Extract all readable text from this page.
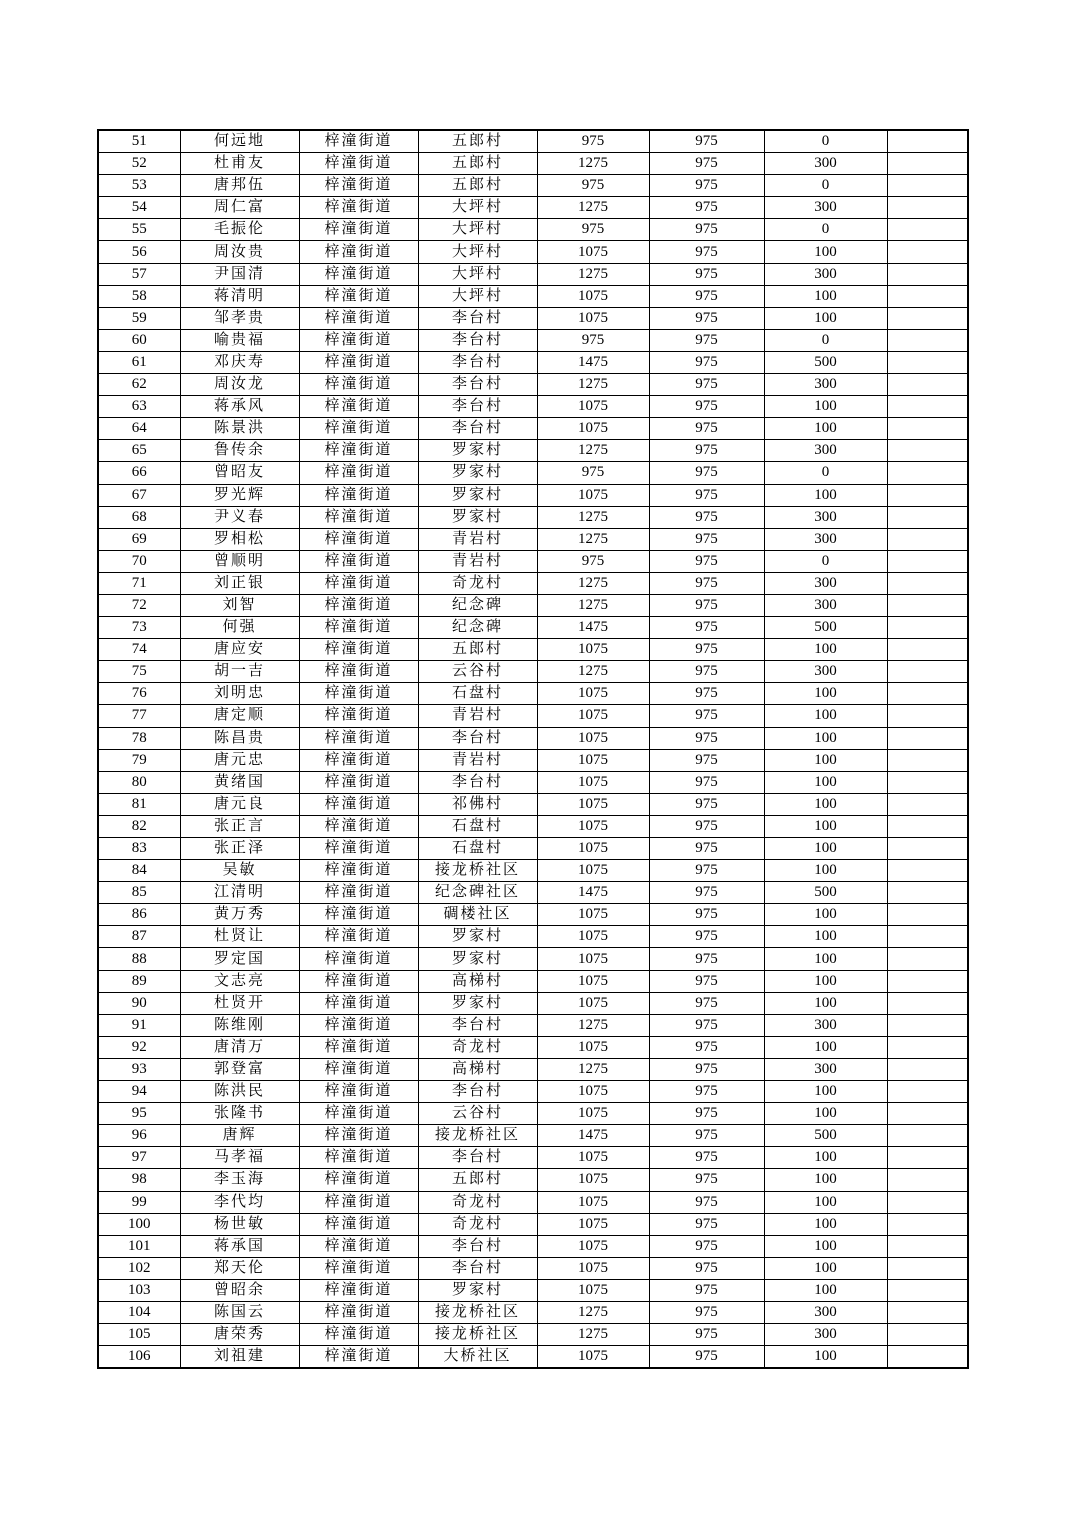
51	何远地	梓潼街道	五郎村	975	975	0	
52	杜甫友	梓潼街道	五郎村	1275	975	300	
53	唐邦伍	梓潼街道	五郎村	975	975	0	
54	周仁富	梓潼街道	大坪村	1275	975	300	
55	毛振伦	梓潼街道	大坪村	975	975	0	
56	周汝贵	梓潼街道	大坪村	1075	975	100	
57	尹国清	梓潼街道	大坪村	1275	975	300	
58	蒋清明	梓潼街道	大坪村	1075	975	100	
59	邹孝贵	梓潼街道	李台村	1075	975	100	
60	喻贵福	梓潼街道	李台村	975	975	0	
61	邓庆寿	梓潼街道	李台村	1475	975	500	
62	周汝龙	梓潼街道	李台村	1275	975	300	
63	蒋承风	梓潼街道	李台村	1075	975	100	
64	陈景洪	梓潼街道	李台村	1075	975	100	
65	鲁传余	梓潼街道	罗家村	1275	975	300	
66	曾昭友	梓潼街道	罗家村	975	975	0	
67	罗光辉	梓潼街道	罗家村	1075	975	100	
68	尹义春	梓潼街道	罗家村	1275	975	300	
69	罗相松	梓潼街道	青岩村	1275	975	300	
70	曾顺明	梓潼街道	青岩村	975	975	0	
71	刘正银	梓潼街道	奇龙村	1275	975	300	
72	刘智	梓潼街道	纪念碑	1275	975	300	
73	何强	梓潼街道	纪念碑	1475	975	500	
74	唐应安	梓潼街道	五郎村	1075	975	100	
75	胡一吉	梓潼街道	云谷村	1275	975	300	
76	刘明忠	梓潼街道	石盘村	1075	975	100	
77	唐定顺	梓潼街道	青岩村	1075	975	100	
78	陈昌贵	梓潼街道	李台村	1075	975	100	
79	唐元忠	梓潼街道	青岩村	1075	975	100	
80	黄绪国	梓潼街道	李台村	1075	975	100	
81	唐元良	梓潼街道	祁佛村	1075	975	100	
82	张正言	梓潼街道	石盘村	1075	975	100	
83	张正泽	梓潼街道	石盘村	1075	975	100	
84	吴敏	梓潼街道	接龙桥社区	1075	975	100	
85	江清明	梓潼街道	纪念碑社区	1475	975	500	
86	黄万秀	梓潼街道	碉楼社区	1075	975	100	
87	杜贤让	梓潼街道	罗家村	1075	975	100	
88	罗定国	梓潼街道	罗家村	1075	975	100	
89	文志亮	梓潼街道	高梯村	1075	975	100	
90	杜贤开	梓潼街道	罗家村	1075	975	100	
91	陈维刚	梓潼街道	李台村	1275	975	300	
92	唐清万	梓潼街道	奇龙村	1075	975	100	
93	郭登富	梓潼街道	高梯村	1275	975	300	
94	陈洪民	梓潼街道	李台村	1075	975	100	
95	张隆书	梓潼街道	云谷村	1075	975	100	
96	唐辉	梓潼街道	接龙桥社区	1475	975	500	
97	马孝福	梓潼街道	李台村	1075	975	100	
98	李玉海	梓潼街道	五郎村	1075	975	100	
99	李代均	梓潼街道	奇龙村	1075	975	100	
100	杨世敏	梓潼街道	奇龙村	1075	975	100	
101	蒋承国	梓潼街道	李台村	1075	975	100	
102	郑天伦	梓潼街道	李台村	1075	975	100	
103	曾昭余	梓潼街道	罗家村	1075	975	100	
104	陈国云	梓潼街道	接龙桥社区	1275	975	300	
105	唐荣秀	梓潼街道	接龙桥社区	1275	975	300	
106	刘祖建	梓潼街道	大桥社区	1075	975	100	
